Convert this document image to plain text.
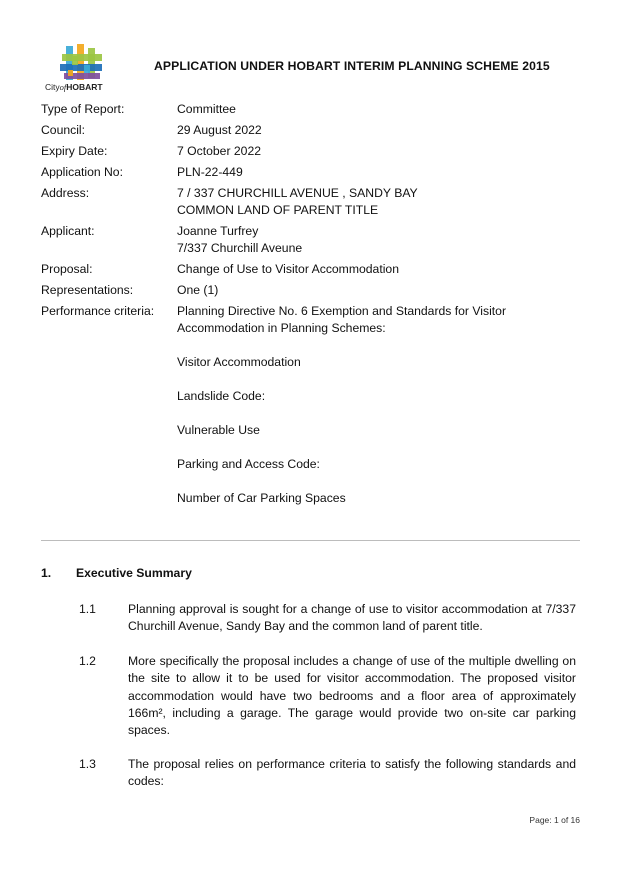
CityofHOBART
APPLICATION UNDER HOBART INTERIM PLANNING SCHEME 2015
Type of Report:	Committee
Council:	29 August 2022
Expiry Date:	7 October 2022
Application No:	PLN-22-449
Address:	7 / 337 CHURCHILL AVENUE , SANDY BAY
COMMON LAND OF PARENT TITLE
Applicant:	Joanne Turfrey
7/337 Churchill Aveune
Proposal:	Change of Use to Visitor Accommodation
Representations:	One (1)
Performance criteria:	Planning Directive No. 6 Exemption and Standards for Visitor Accommodation in Planning Schemes:
Visitor Accommodation
Landslide Code:
Vulnerable Use
Parking and Access Code:
Number of Car Parking Spaces
1. Executive Summary
1.1	Planning approval is sought for a change of use to visitor accommodation at 7/337 Churchill Avenue, Sandy Bay and the common land of parent title.
1.2	More specifically the proposal includes a change of use of the multiple dwelling on the site to allow it to be used for visitor accommodation. The proposed visitor accommodation would have two bedrooms and a floor area of approximately 166m², including a garage. The garage would provide two on-site car parking spaces.
1.3	The proposal relies on performance criteria to satisfy the following standards and codes:
Page: 1 of 16
